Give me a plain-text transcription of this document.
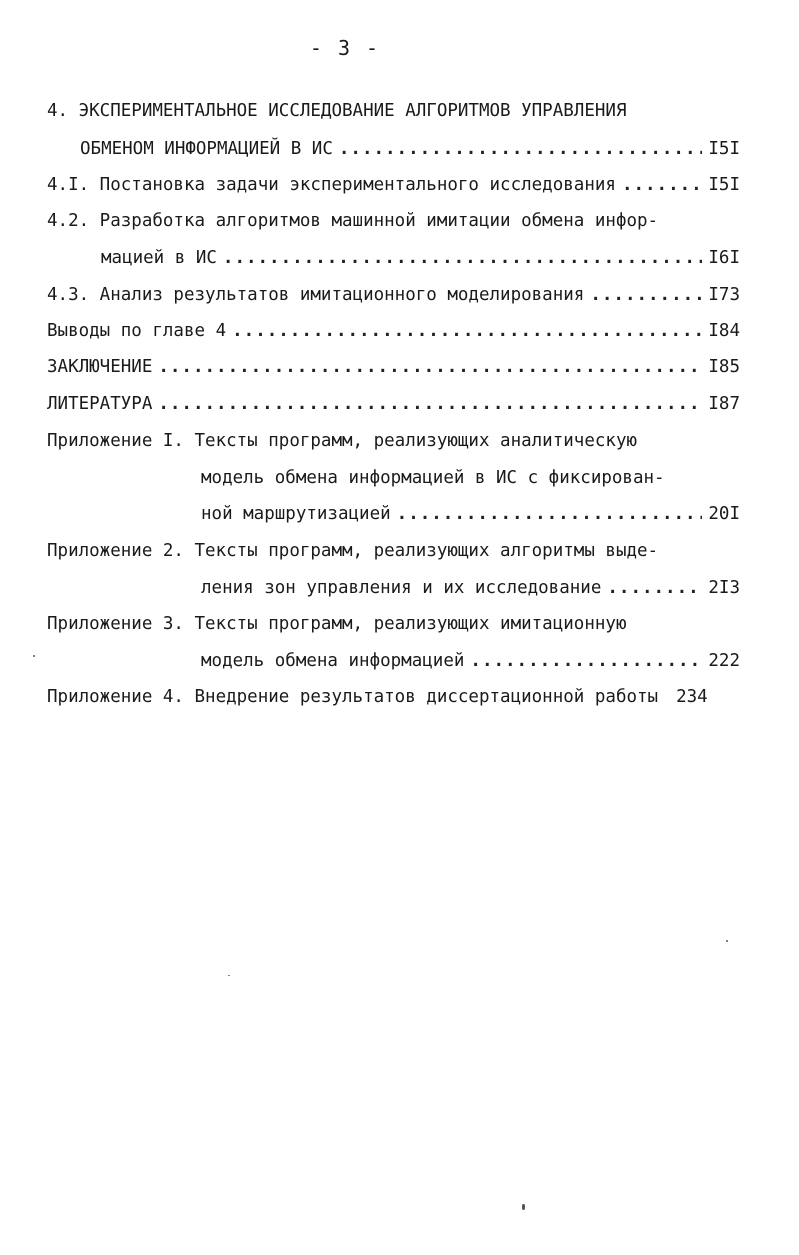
- 3 -
4. ЭКСПЕРИМЕНТАЛЬНОЕ ИССЛЕДОВАНИЕ АЛГОРИТМОВ УПРАВЛЕНИЯ
ОБМЕНОМ ИНФОРМАЦИЕЙ В ИС .....	I5I
4.I. Постановка задачи экспериментального исследования .....	I5I
4.2. Разработка алгоритмов машинной имитации обмена инфор-
мацией в ИС .....	I6I
4.3. Анализ результатов имитационного моделирования .....	I73
Выводы по главе 4 .....	I84
ЗАКЛЮЧЕНИЕ .....	I85
ЛИТЕРАТУРА .....	I87
Приложение I. Тексты программ, реализующих аналитическую
модель обмена информацией в ИС с фиксирован-
ной маршрутизацией .....	20I
Приложение 2. Тексты программ, реализующих алгоритмы выде-
ления зон управления и их исследование .....	2I3
Приложение 3. Тексты программ, реализующих имитационную
модель обмена информацией .....	222
Приложение 4. Внедрение результатов диссертационной работы 234
